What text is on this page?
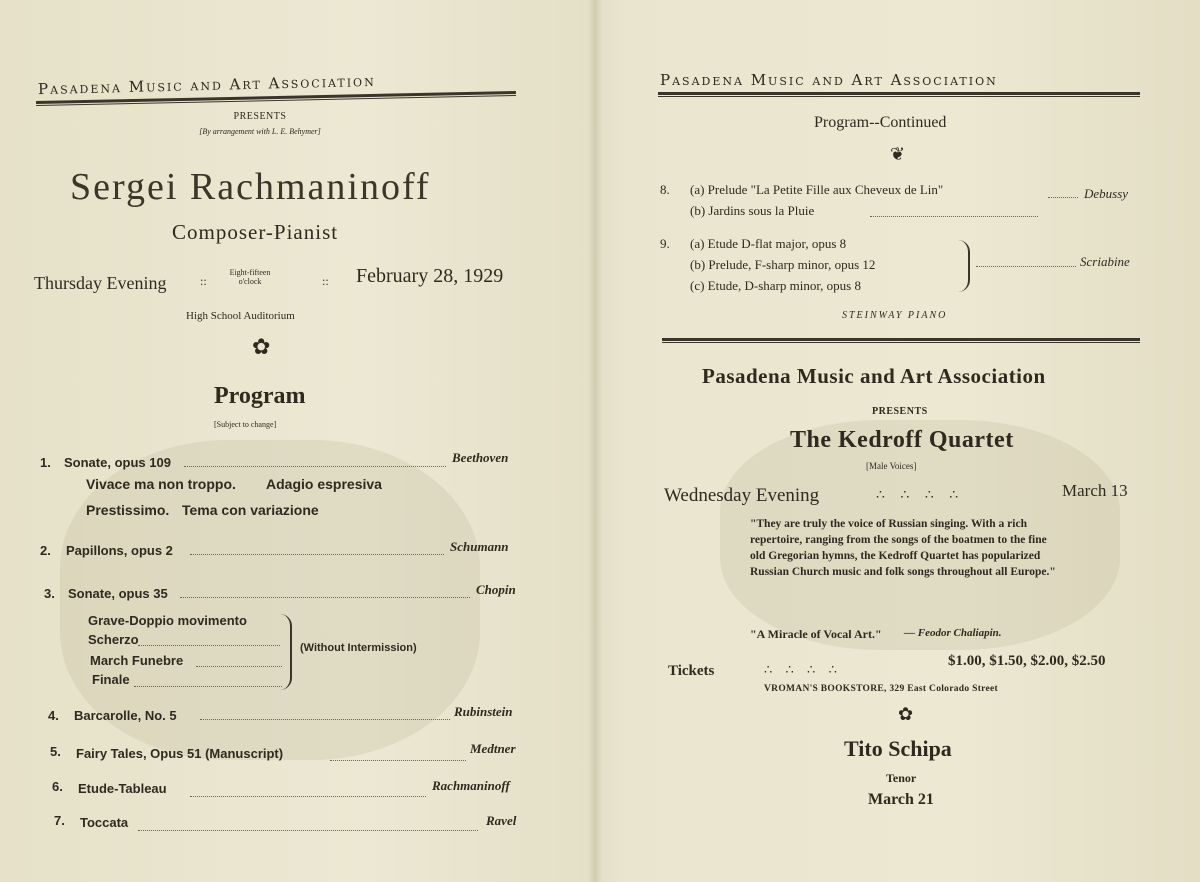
Pasadena Music and Art Association
PRESENTS
[By arrangement with L. E. Behymer]
Sergei Rachmaninoff
Composer-Pianist
Thursday Evening	::
Eight-fifteen
o'clock	:: February 28, 1929
High School Auditorium
✿
Program
[Subject to change]
1. Sonate, opus 109	Beethoven
Vivace ma non troppo. Adagio espresiva
Prestissimo. Tema con variazione
2. Papillons, opus 2	Schumann
3. Sonate, opus 35	Chopin
Grave-Doppio movimento
Scherzo
March Funebre
Finale
(Without Intermission)
4. Barcarolle, No. 5	Rubinstein
5. Fairy Tales, Opus 51 (Manuscript)	Medtner
6. Etude-Tableau	Rachmaninoff
7. Toccata	Ravel
Pasadena Music and Art Association
Program--Continued
❦
8. (a) Prelude "La Petite Fille aux Cheveux de Lin"
(b) Jardins sous la Pluie
Debussy
9. (a) Etude D-flat major, opus 8
(b) Prelude, F-sharp minor, opus 12
(c) Etude, D-sharp minor, opus 8
Scriabine
STEINWAY PIANO
Pasadena Music and Art Association
PRESENTS
The Kedroff Quartet
[Male Voices]
Wednesday Evening	∴ ∴ ∴ ∴	March 13
"They are truly the voice of Russian singing. With a rich repertoire, ranging from the songs of the boatmen to the fine old Gregorian hymns, the Kedroff Quartet has popularized Russian Church music and folk songs throughout all Europe."
"A Miracle of Vocal Art." — Feodor Chaliapin.
Tickets	∴ ∴ ∴ ∴
$1.00, $1.50, $2.00, $2.50
VROMAN'S BOOKSTORE, 329 East Colorado Street
✿
Tito Schipa
Tenor
March 21
